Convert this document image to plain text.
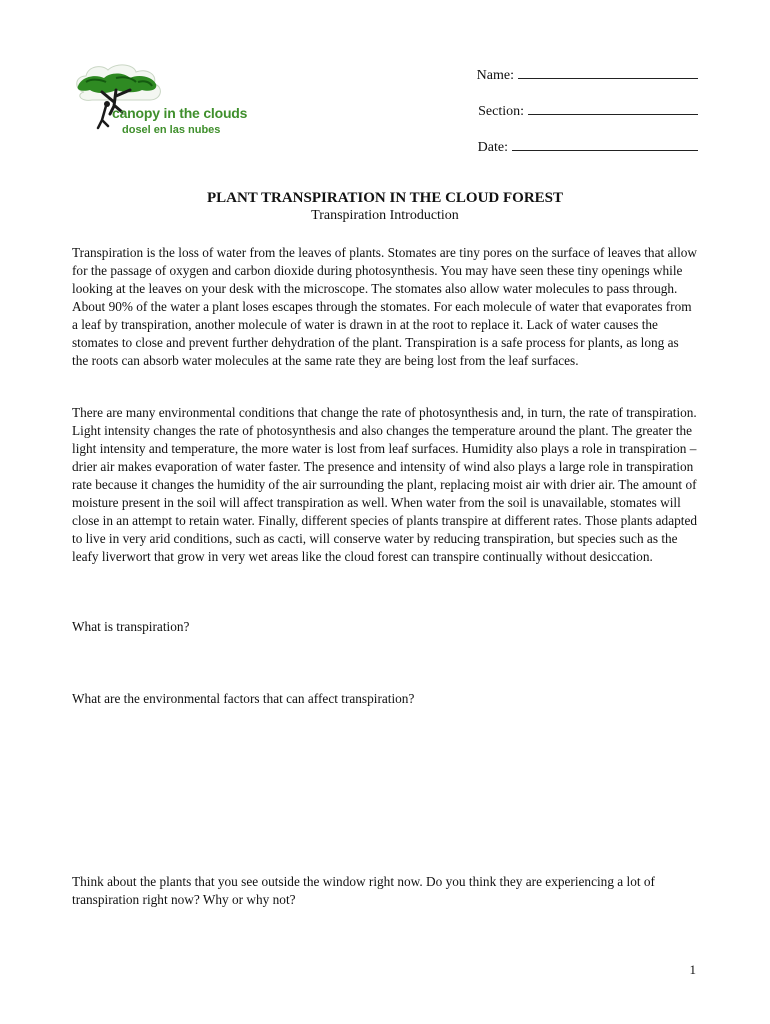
canopy in the clouds
dosel en las nubes
Name:
Section:
Date:
PLANT TRANSPIRATION IN THE CLOUD FOREST
Transpiration Introduction

Transpiration is the loss of water from the leaves of plants. Stomates are tiny pores on the surface of leaves that allow for the passage of oxygen and carbon dioxide during photosynthesis. You may have seen these tiny openings while looking at the leaves on your desk with the microscope. The stomates also allow water molecules to pass through. About 90% of the water a plant loses escapes through the stomates. For each molecule of water that evaporates from a leaf by transpiration, another molecule of water is drawn in at the root to replace it. Lack of water causes the stomates to close and prevent further dehydration of the plant. Transpiration is a safe process for plants, as long as the roots can absorb water molecules at the same rate they are being lost from the leaf surfaces.

There are many environmental conditions that change the rate of photosynthesis and, in turn, the rate of transpiration. Light intensity changes the rate of photosynthesis and also changes the temperature around the plant. The greater the light intensity and temperature, the more water is lost from leaf surfaces. Humidity also plays a role in transpiration – drier air makes evaporation of water faster. The presence and intensity of wind also plays a large role in transpiration rate because it changes the humidity of the air surrounding the plant, replacing moist air with drier air. The amount of moisture present in the soil will affect transpiration as well. When water from the soil is unavailable, stomates will close in an attempt to retain water. Finally, different species of plants transpire at different rates. Those plants adapted to live in very arid conditions, such as cacti, will conserve water by reducing transpiration, but species such as the leafy liverwort that grow in very wet areas like the cloud forest can transpire continually without desiccation.

What is transpiration?

What are the environmental factors that can affect transpiration?

Think about the plants that you see outside the window right now. Do you think they are experiencing a lot of transpiration right now? Why or why not?

1
